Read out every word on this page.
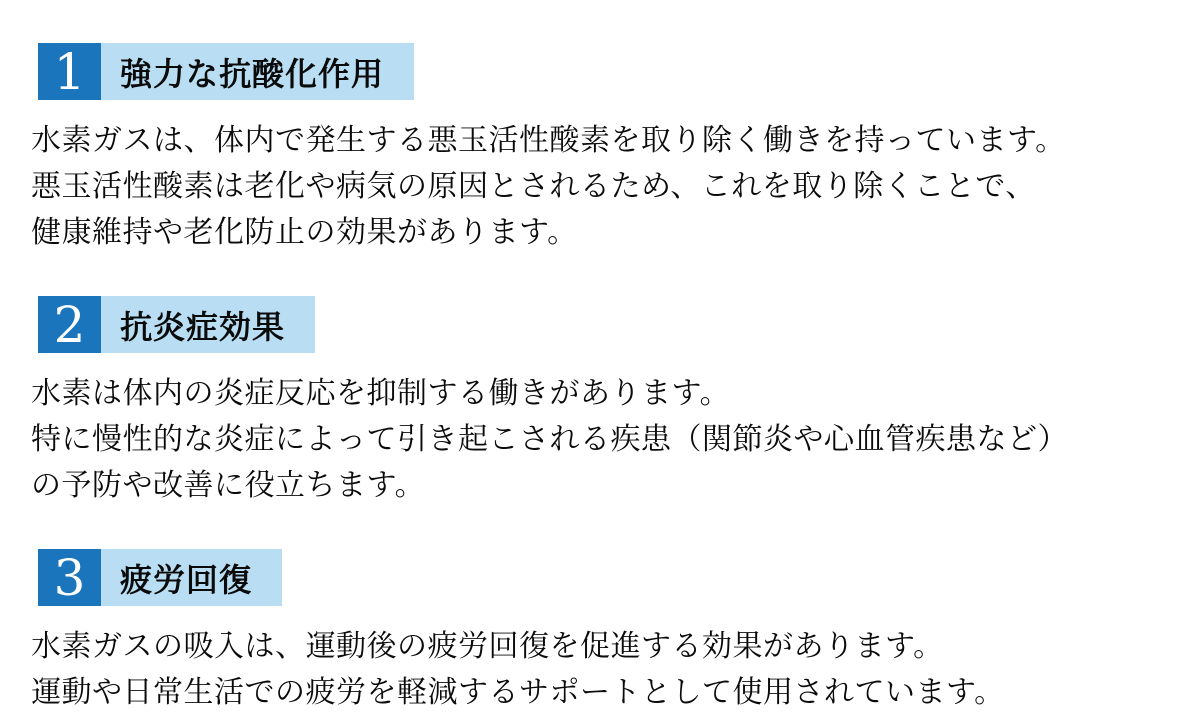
1	強力な抗酸化作用
水素ガスは、体内で発生する悪玉活性酸素を取り除く働きを持っています。
悪玉活性酸素は老化や病気の原因とされるため、これを取り除くことで、
健康維持や老化防止の効果があります。
2	抗炎症効果
水素は体内の炎症反応を抑制する働きがあります。
特に慢性的な炎症によって引き起こされる疾患（関節炎や心血管疾患など）
の予防や改善に役立ちます。
3	疲労回復
水素ガスの吸入は、運動後の疲労回復を促進する効果があります。
運動や日常生活での疲労を軽減するサポートとして使用されています。
